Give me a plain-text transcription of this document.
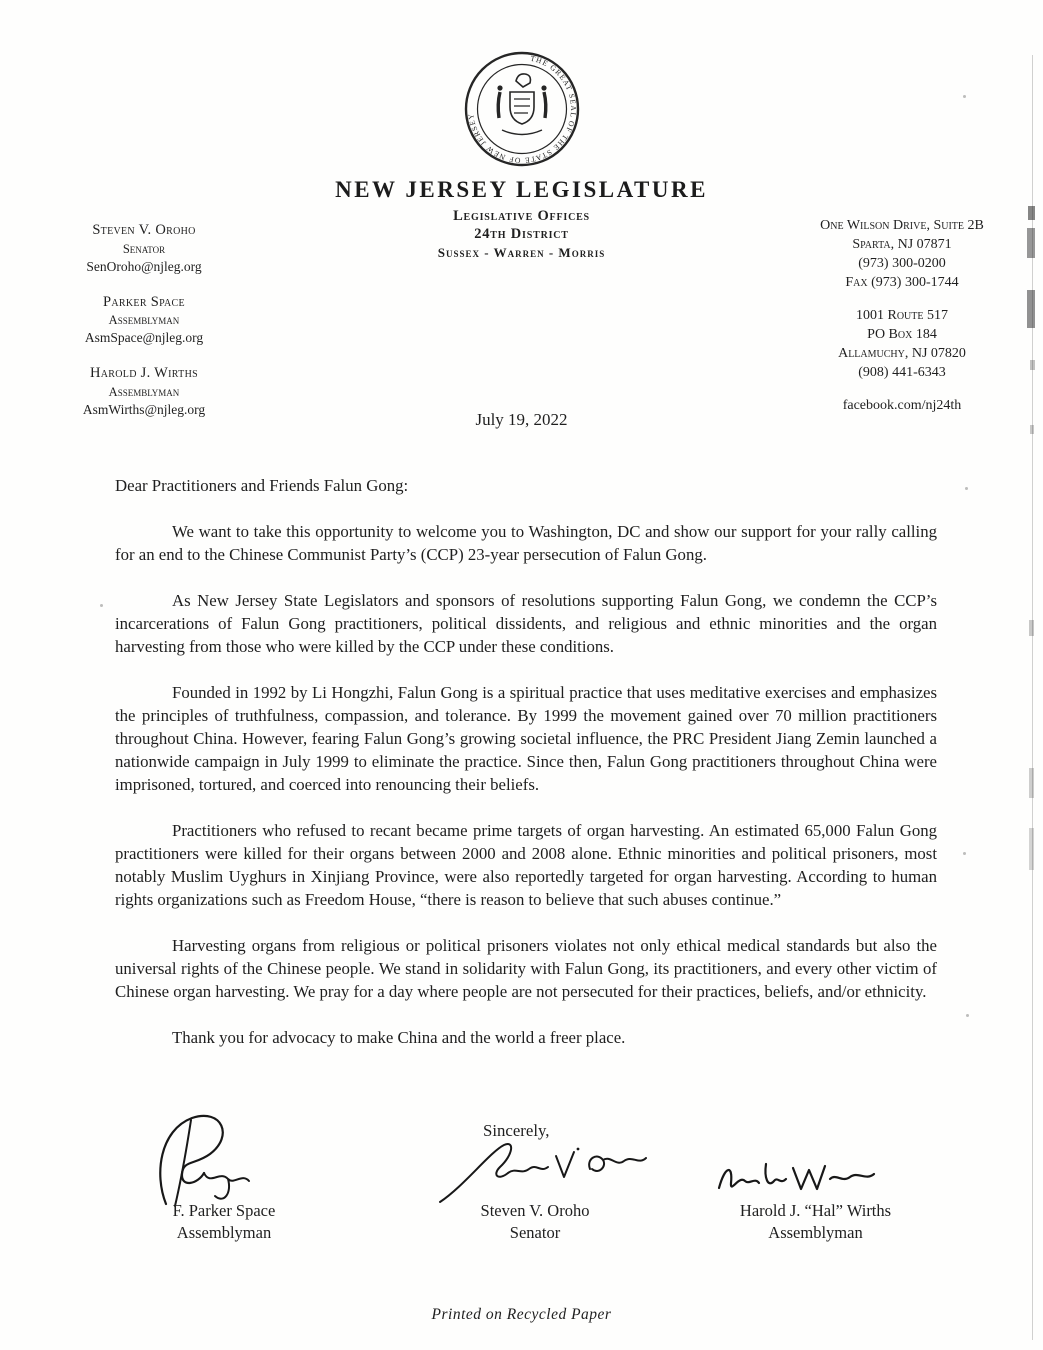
THE GREAT SEAL OF THE STATE OF NEW JERSEY
NEW JERSEY LEGISLATURE
Legislative Offices
24th District
Sussex - Warren - Morris
Steven V. Oroho
Senator
SenOroho@njleg.org
Parker Space
Assemblyman
AsmSpace@njleg.org
Harold J. Wirths
Assemblyman
AsmWirths@njleg.org
One Wilson Drive, Suite 2B
Sparta, NJ 07871
(973) 300-0200
Fax (973) 300-1744
1001 Route 517
PO Box 184
Allamuchy, NJ 07820
(908) 441-6343
facebook.com/nj24th
July 19, 2022

Dear Practitioners and Friends Falun Gong:

We want to take this opportunity to welcome you to Washington, DC and show our support for your rally calling for an end to the Chinese Communist Party’s (CCP) 23-year persecution of Falun Gong.

As New Jersey State Legislators and sponsors of resolutions supporting Falun Gong, we condemn the CCP’s incarcerations of Falun Gong practitioners, political dissidents, and religious and ethnic minorities and the organ harvesting from those who were killed by the CCP under these conditions.

Founded in 1992 by Li Hongzhi, Falun Gong is a spiritual practice that uses meditative exercises and emphasizes the principles of truthfulness, compassion, and tolerance. By 1999 the movement gained over 70 million practitioners throughout China. However, fearing Falun Gong’s growing societal influence, the PRC President Jiang Zemin launched a nationwide campaign in July 1999 to eliminate the practice. Since then, Falun Gong practitioners throughout China were imprisoned, tortured, and coerced into renouncing their beliefs.

Practitioners who refused to recant became prime targets of organ harvesting. An estimated 65,000 Falun Gong practitioners were killed for their organs between 2000 and 2008 alone. Ethnic minorities and political prisoners, most notably Muslim Uyghurs in Xinjiang Province, were also reportedly targeted for organ harvesting. According to human rights organizations such as Freedom House, “there is reason to believe that such abuses continue.”

Harvesting organs from religious or political prisoners violates not only ethical medical standards but also the universal rights of the Chinese people. We stand in solidarity with Falun Gong, its practitioners, and every other victim of Chinese organ harvesting. We pray for a day where people are not persecuted for their practices, beliefs, and/or ethnicity.

Thank you for advocacy to make China and the world a freer place.

Sincerely,
F. Parker Space
Assemblyman
Steven V. Oroho
Senator
Harold J. “Hal” Wirths
Assemblyman
Printed on Recycled Paper
